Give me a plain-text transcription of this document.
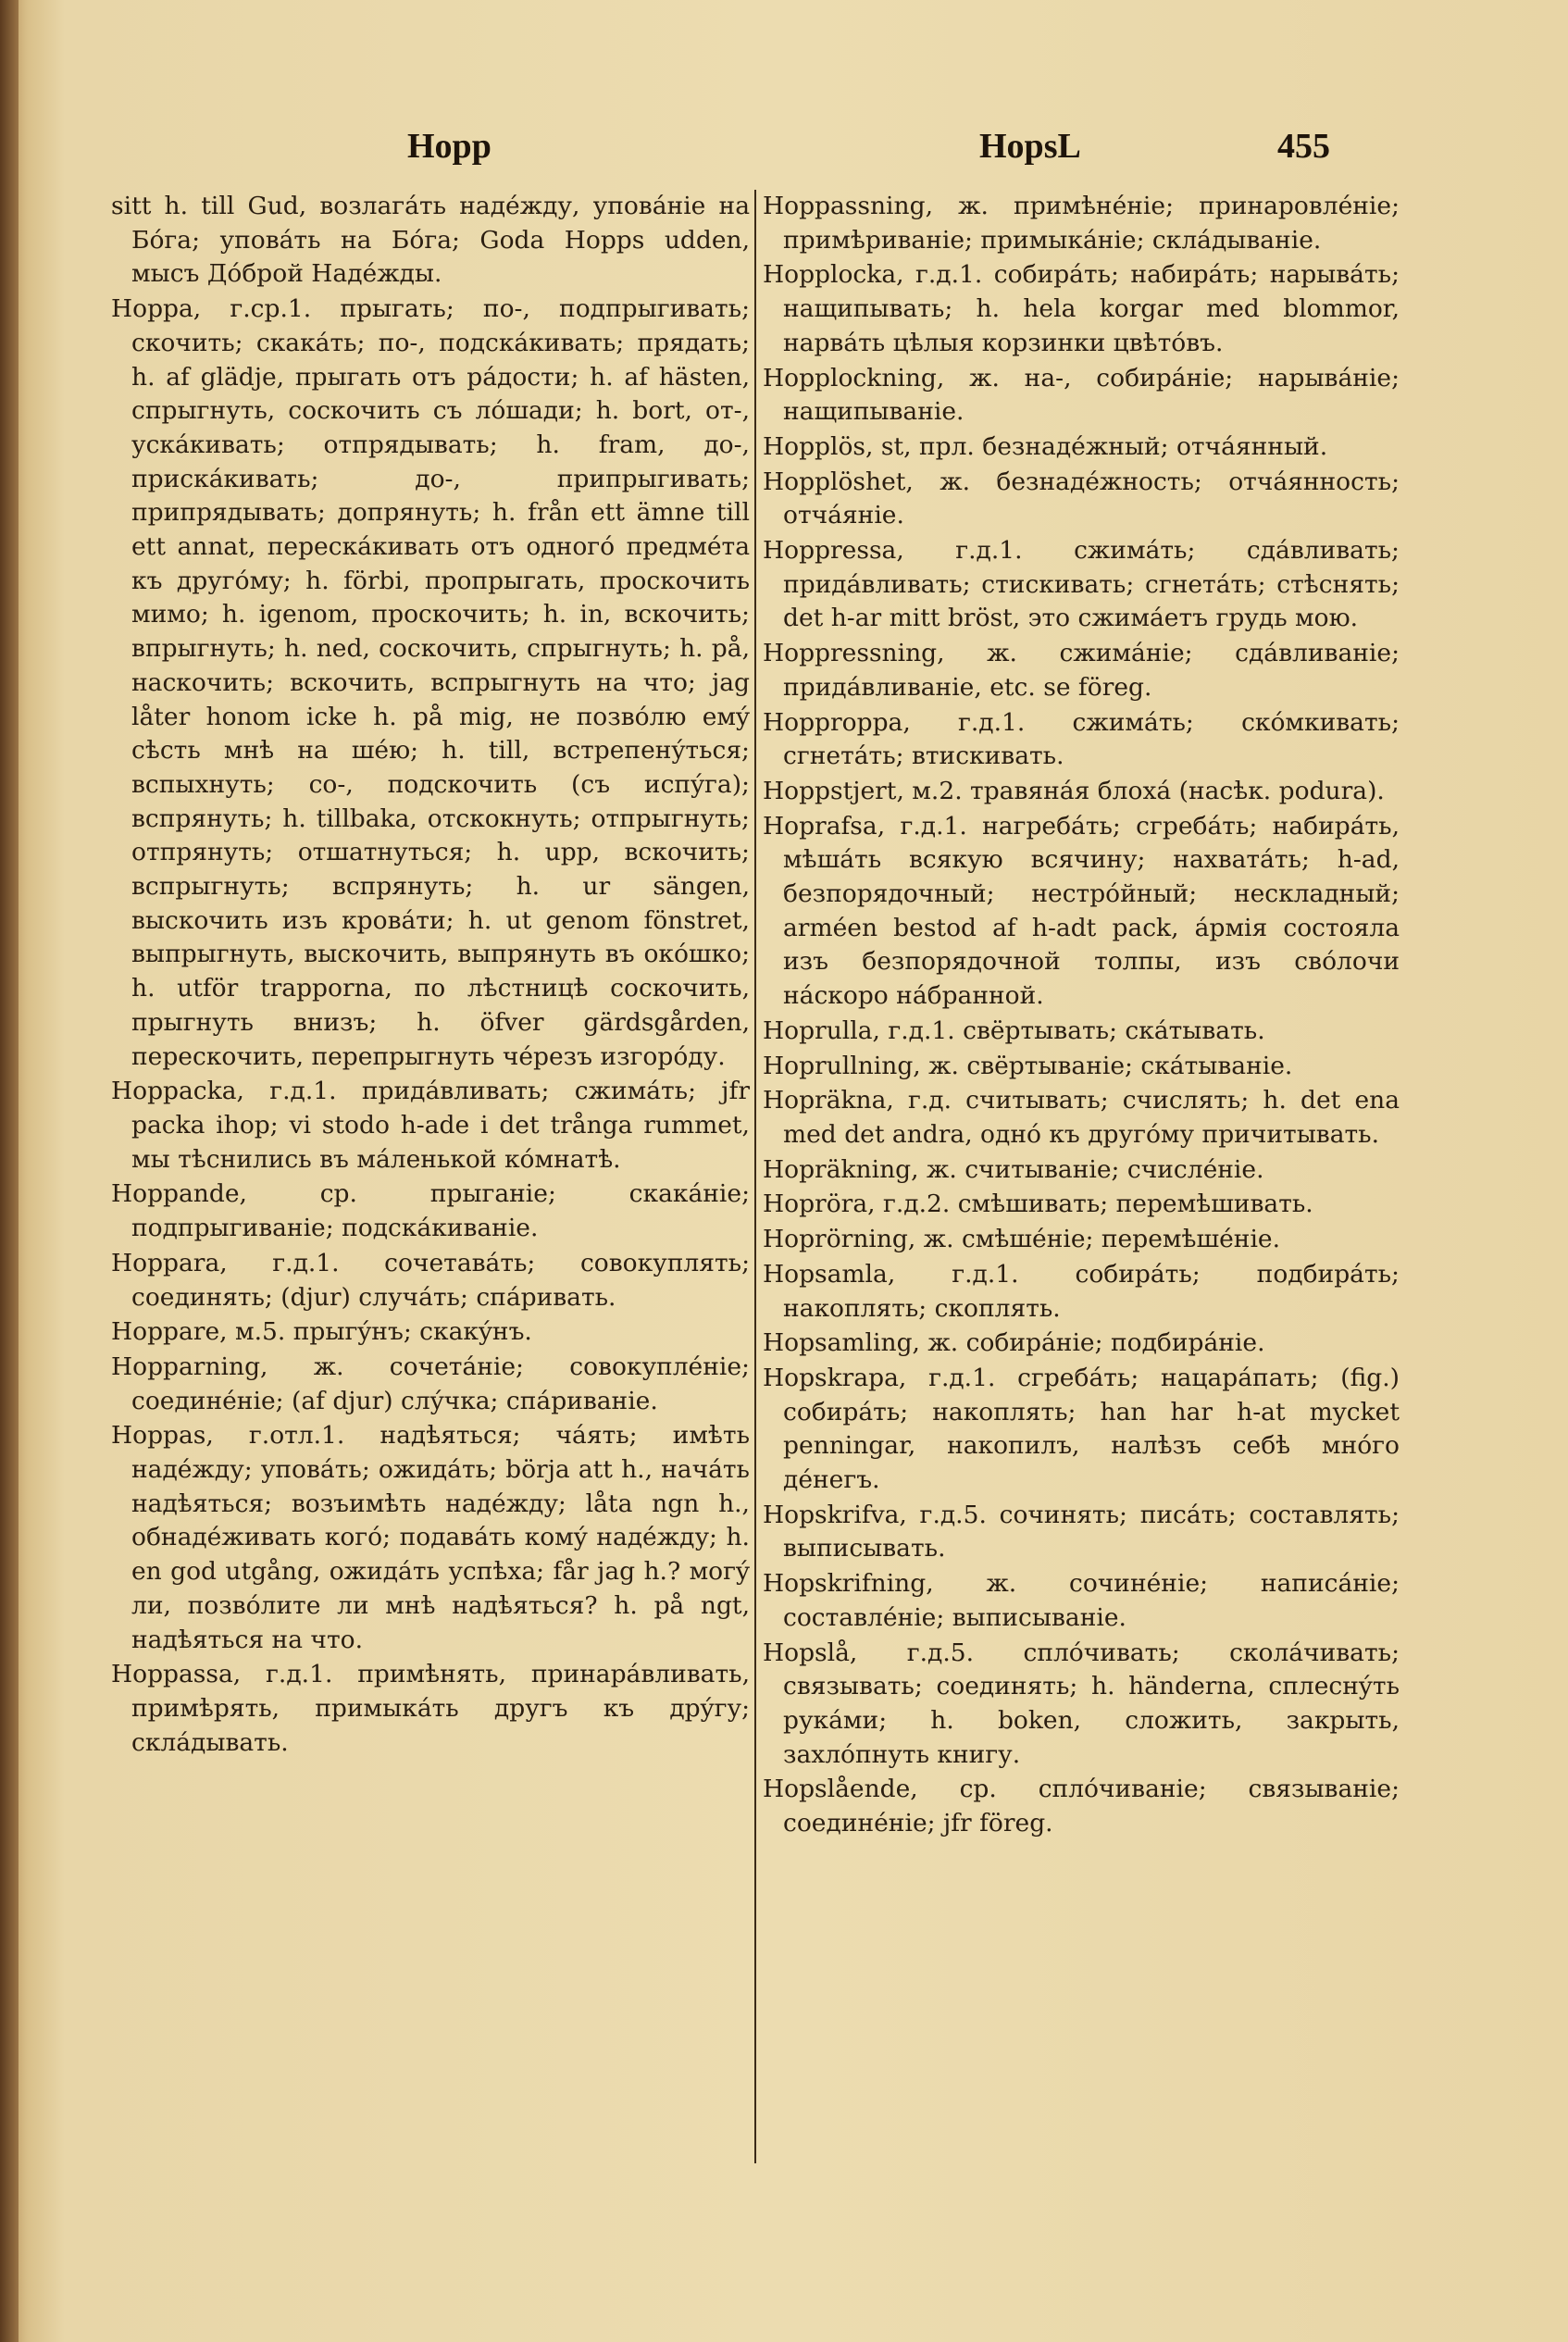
Hopp	HopsL	455

sitt h. till Gud, возлагáть надéжду, уповáніе на Бóга; уповáть на Бóга; Goda Hopps udden, мысъ Дóброй Надéжды.

Hoppa, г.ср.1. прыгать; по-, подпрыгивать; скочить; скакáть; по-, подскáкивать; прядать; h. af glädje, прыгать отъ рáдости; h. af hästen, спрыгнуть, соскочить съ лóшади; h. bort, от-, ускáкивать; отпрядывать; h. fram, до-, прискáкивать; до-, припрыгивать; припрядывать; допрянуть; h. från ett ämne till ett annat, перескáкивать отъ одногó предмéта къ другóму; h. förbi, пропрыгать, проскочить мимо; h. igenom, проскочить; h. in, вскочить; впрыгнуть; h. ned, соскочить, спрыгнуть; h. på, наскочить; вскочить, вспрыгнуть на что; jag låter honom icke h. på mig, не позвóлю емý сѣсть мнѣ на шéю; h. till, встрепенýться; вспыхнуть; со-, подскочить (съ испýга); вспрянуть; h. tillbaka, отскокнуть; отпрыгнуть; отпрянуть; отшатнуться; h. upp, вскочить; вспрыгнуть; вспрянуть; h. ur sängen, выскочить изъ кровáти; h. ut genom fönstret, выпрыгнуть, выскочить, выпрянуть въ окóшко; h. utför trapporna, по лѣстницѣ соскочить, прыгнуть внизъ; h. öfver gärdsgården, перескочить, перепрыгнуть чéрезъ изгорóду.

Hoppacka, г.д.1. придáвливать; сжимáть; jfr packa ihop; vi stodo h-ade i det trånga rummet, мы тѣснились въ мáленькой кóмнатѣ.

Hoppande, ср. прыганіе; скакáніе; подпрыгиваніе; подскáкиваніе.

Hoppara, г.д.1. сочетавáть; совокуплять; соединять; (djur) случáть; спáривать.

Hoppare, м.5. прыгýнъ; скакýнъ.

Hopparning, ж. сочетáніе; совокуплéніе; соединéніе; (af djur) слýчка; спáриваніе.

Hoppas, г.отл.1. надѣяться; чáять; имѣть надéжду; уповáть; ожидáть; börja att h., начáть надѣяться; возъимѣть надéжду; låta ngn h., обнадéживать когó; подавáть комý надéжду; h. en god utgång, ожидáть успѣха; får jag h.? могý ли, позвóлите ли мнѣ надѣяться? h. på ngt, надѣяться на что.

Hoppassa, г.д.1. примѣнять, принарáвливать, примѣрять, примыкáть другъ къ дрýгу; склáдывать.

Hoppassning, ж. примѣнéніе; принаровлéніе; примѣриваніе; примыкáніе; склáдываніе.

Hopplocka, г.д.1. собирáть; набирáть; нарывáть; нащипывать; h. hela korgar med blommor, нарвáть цѣлыя корзинки цвѣтóвъ.

Hopplockning, ж. на-, собирáніе; нарывáніе; нащипываніе.

Hopplös, st, прл. безнадéжный; отчáянный.

Hopplöshet, ж. безнадéжность; отчáянность; отчáяніе.

Hoppressa, г.д.1. сжимáть; сдáвливать; придáвливать; стискивать; сгнетáть; стѣснять; det h-ar mitt bröst, это сжимáетъ грудь мою.

Hoppressning, ж. сжимáніе; сдáвливаніе; придáвливаніе, etc. se föreg.

Hopproppa, г.д.1. сжимáть; скóмкивать; сгнетáть; втискивать.

Hoppstjert, м.2. травянáя блохá (насѣк. podura).

Hoprafsa, г.д.1. нагребáть; сгребáть; набирáть, мѣшáть всякую всячину; нахватáть; h-ad, безпорядочный; нестрóйный; нескладный; arméen bestod af h-adt pack, áрмія состояла изъ безпорядочной толпы, изъ свóлочи нáскоро нáбранной.

Hoprulla, г.д.1. свёртывать; скáтывать.

Hoprullning, ж. свёртываніе; скáтываніе.

Hopräkna, г.д. считывать; счислять; h. det ena med det andra, однó къ другóму причитывать.

Hopräkning, ж. считываніе; счислéніе.

Hopröra, г.д.2. смѣшивать; перемѣшивать.

Hoprörning, ж. смѣшéніе; перемѣшéніе.

Hopsamla, г.д.1. собирáть; подбирáть; накоплять; скоплять.

Hopsamling, ж. собирáніе; подбирáніе.

Hopskrapa, г.д.1. сгребáть; нацарáпать; (fig.) собирáть; накоплять; han har h-at mycket penningar, накопилъ, налѣзъ себѣ мнóго дéнегъ.

Hopskrifva, г.д.5. сочинять; писáть; составлять; выписывать.

Hopskrifning, ж. сочинéніе; написáніе; составлéніе; выписываніе.

Hopslå, г.д.5. сплóчивать; сколáчивать; связывать; соединять; h. händerna, сплеснýть рукáми; h. boken, сложить, закрыть, захлóпнуть книгу.

Hopslående, ср. сплóчиваніе; связываніе; соединéніе; jfr föreg.
